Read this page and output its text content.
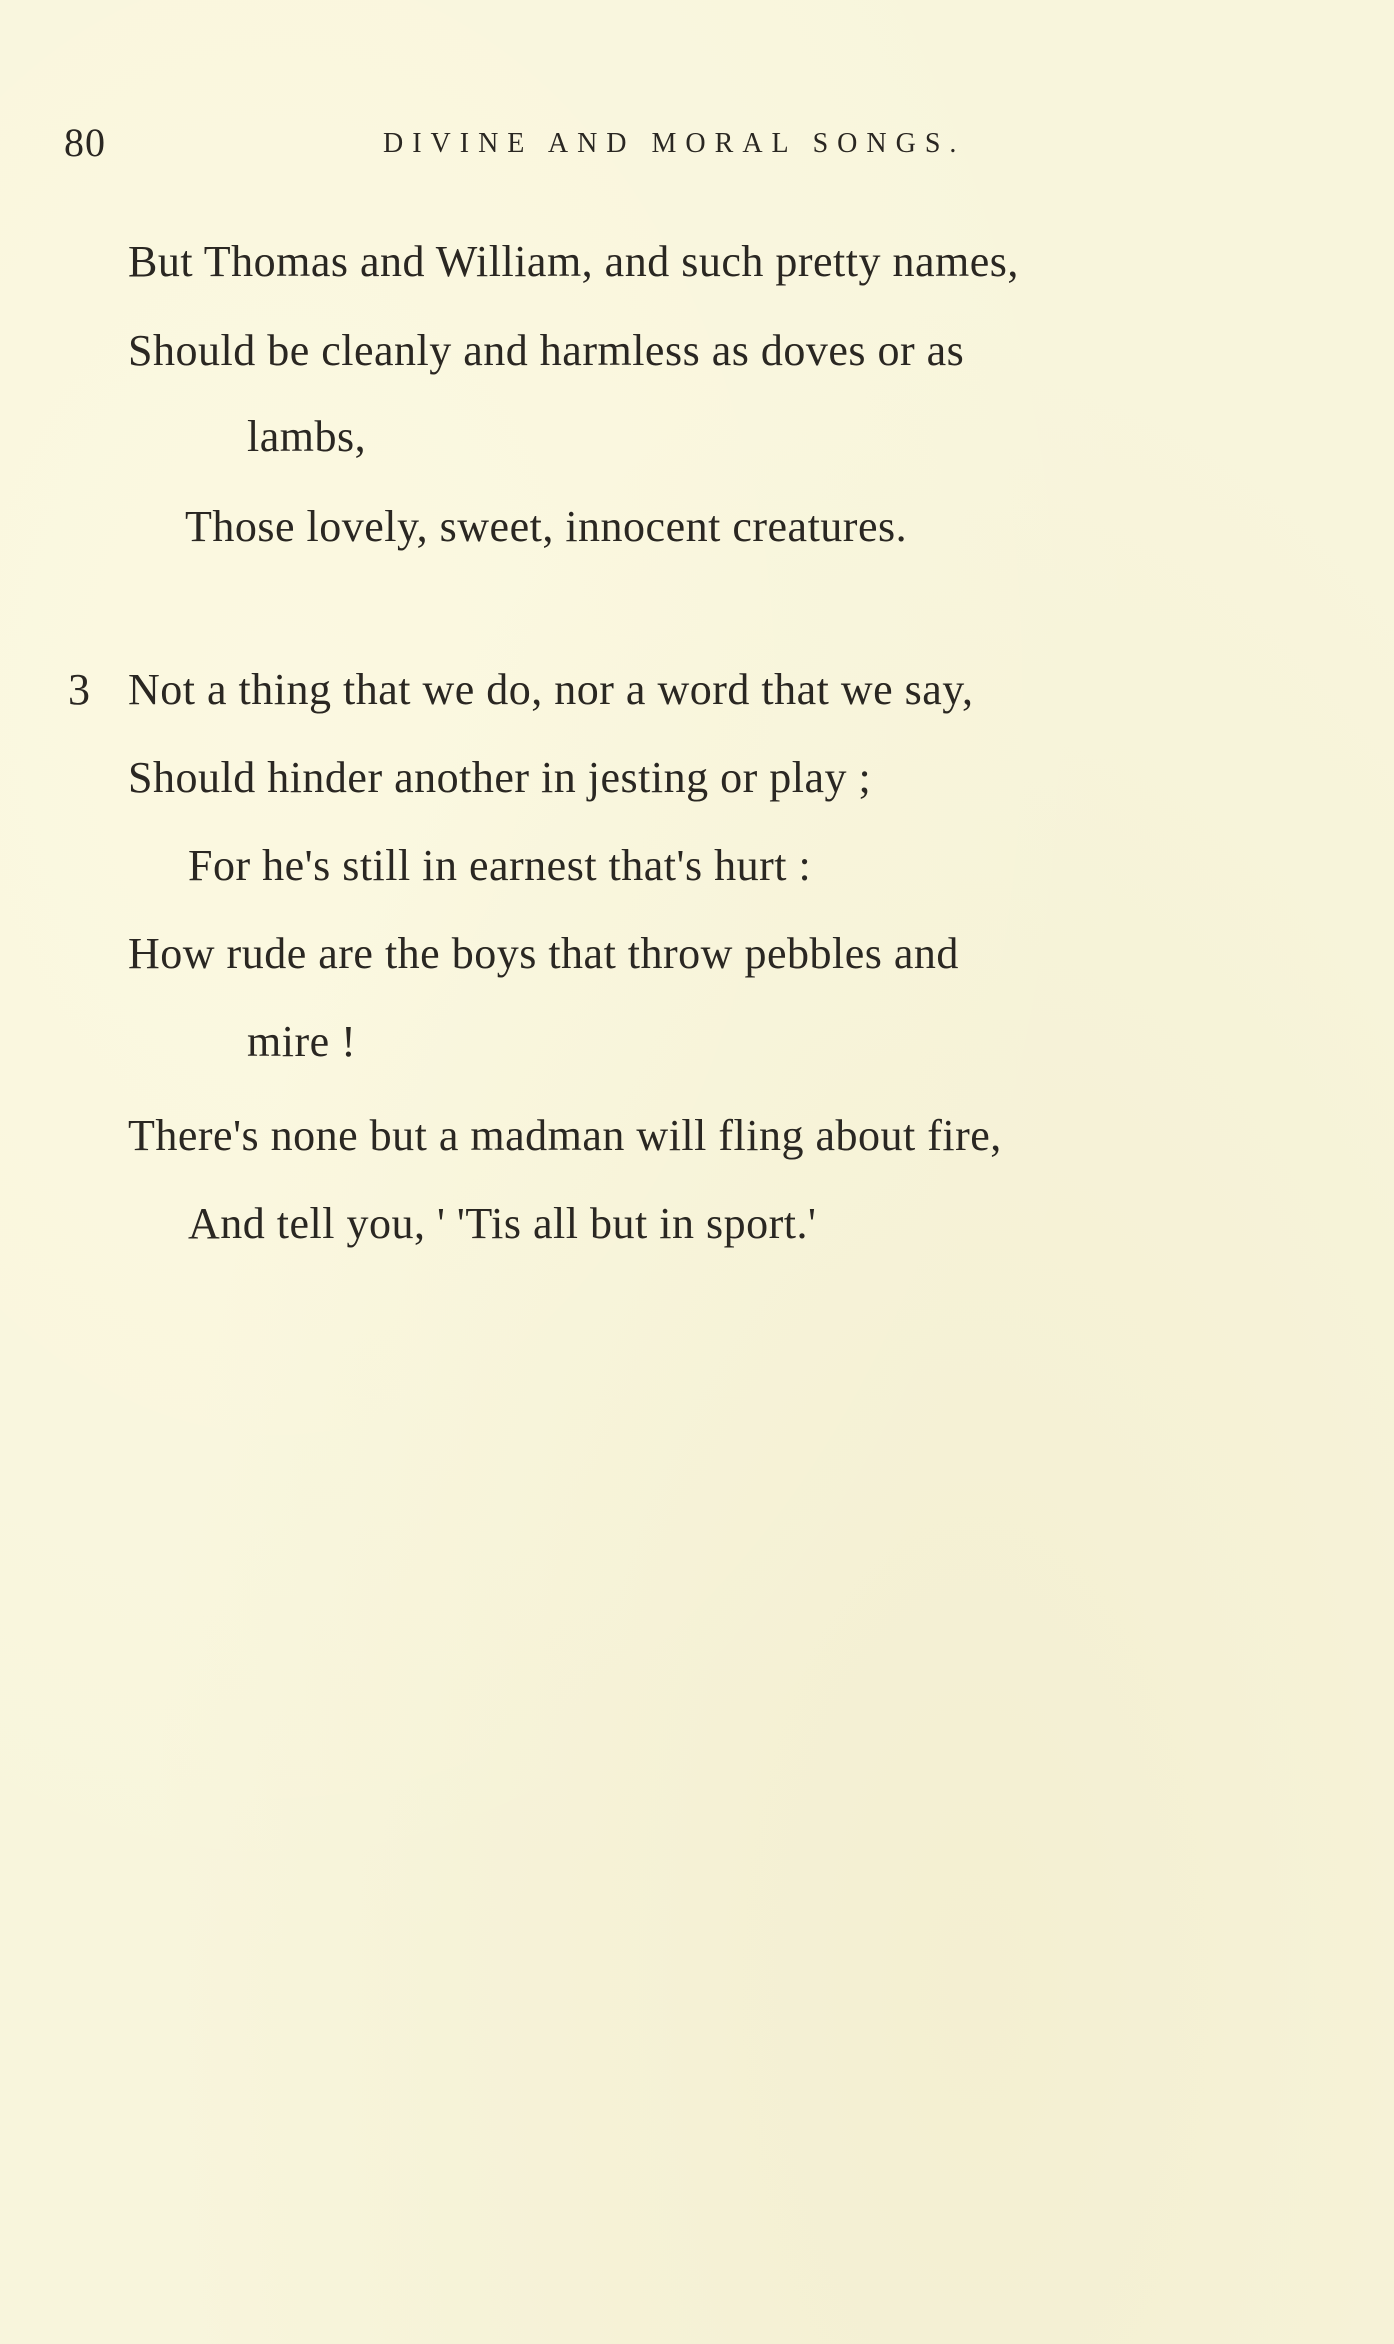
80	DIVINE AND MORAL SONGS.
But Thomas and William, and such pretty names,
Should be cleanly and harmless as doves or as
lambs,
Those lovely, sweet, innocent creatures.
3 Not a thing that we do, nor a word that we say,
Should hinder another in jesting or play ;
For he's still in earnest that's hurt :
How rude are the boys that throw pebbles and
mire !
There's none but a madman will fling about fire,
And tell you, ' 'Tis all but in sport.'
